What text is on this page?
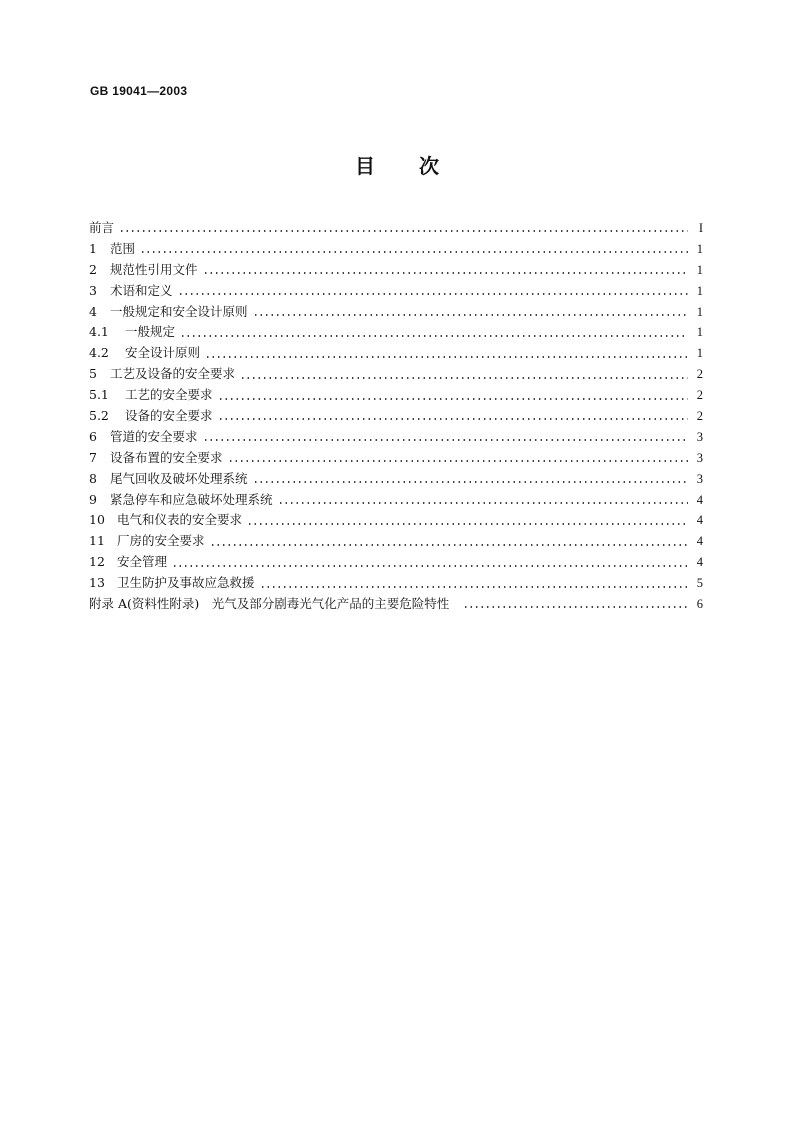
GB 19041—2003
目 次
前言	I
1	范围	1
2	规范性引用文件	1
3	术语和定义	1
4	一般规定和安全设计原则	1
4.1	一般规定	1
4.2	安全设计原则	1
5	工艺及设备的安全要求	2
5.1	工艺的安全要求	2
5.2	设备的安全要求	2
6	管道的安全要求	3
7	设备布置的安全要求	3
8	尾气回收及破坏处理系统	3
9	紧急停车和应急破坏处理系统	4
10 电气和仪表的安全要求	4
11 厂房的安全要求	4
12 安全管理	4
13 卫生防护及事故应急救援	5
附录 A(资料性附录)　光气及部分剧毒光气化产品的主要危险特性	6
